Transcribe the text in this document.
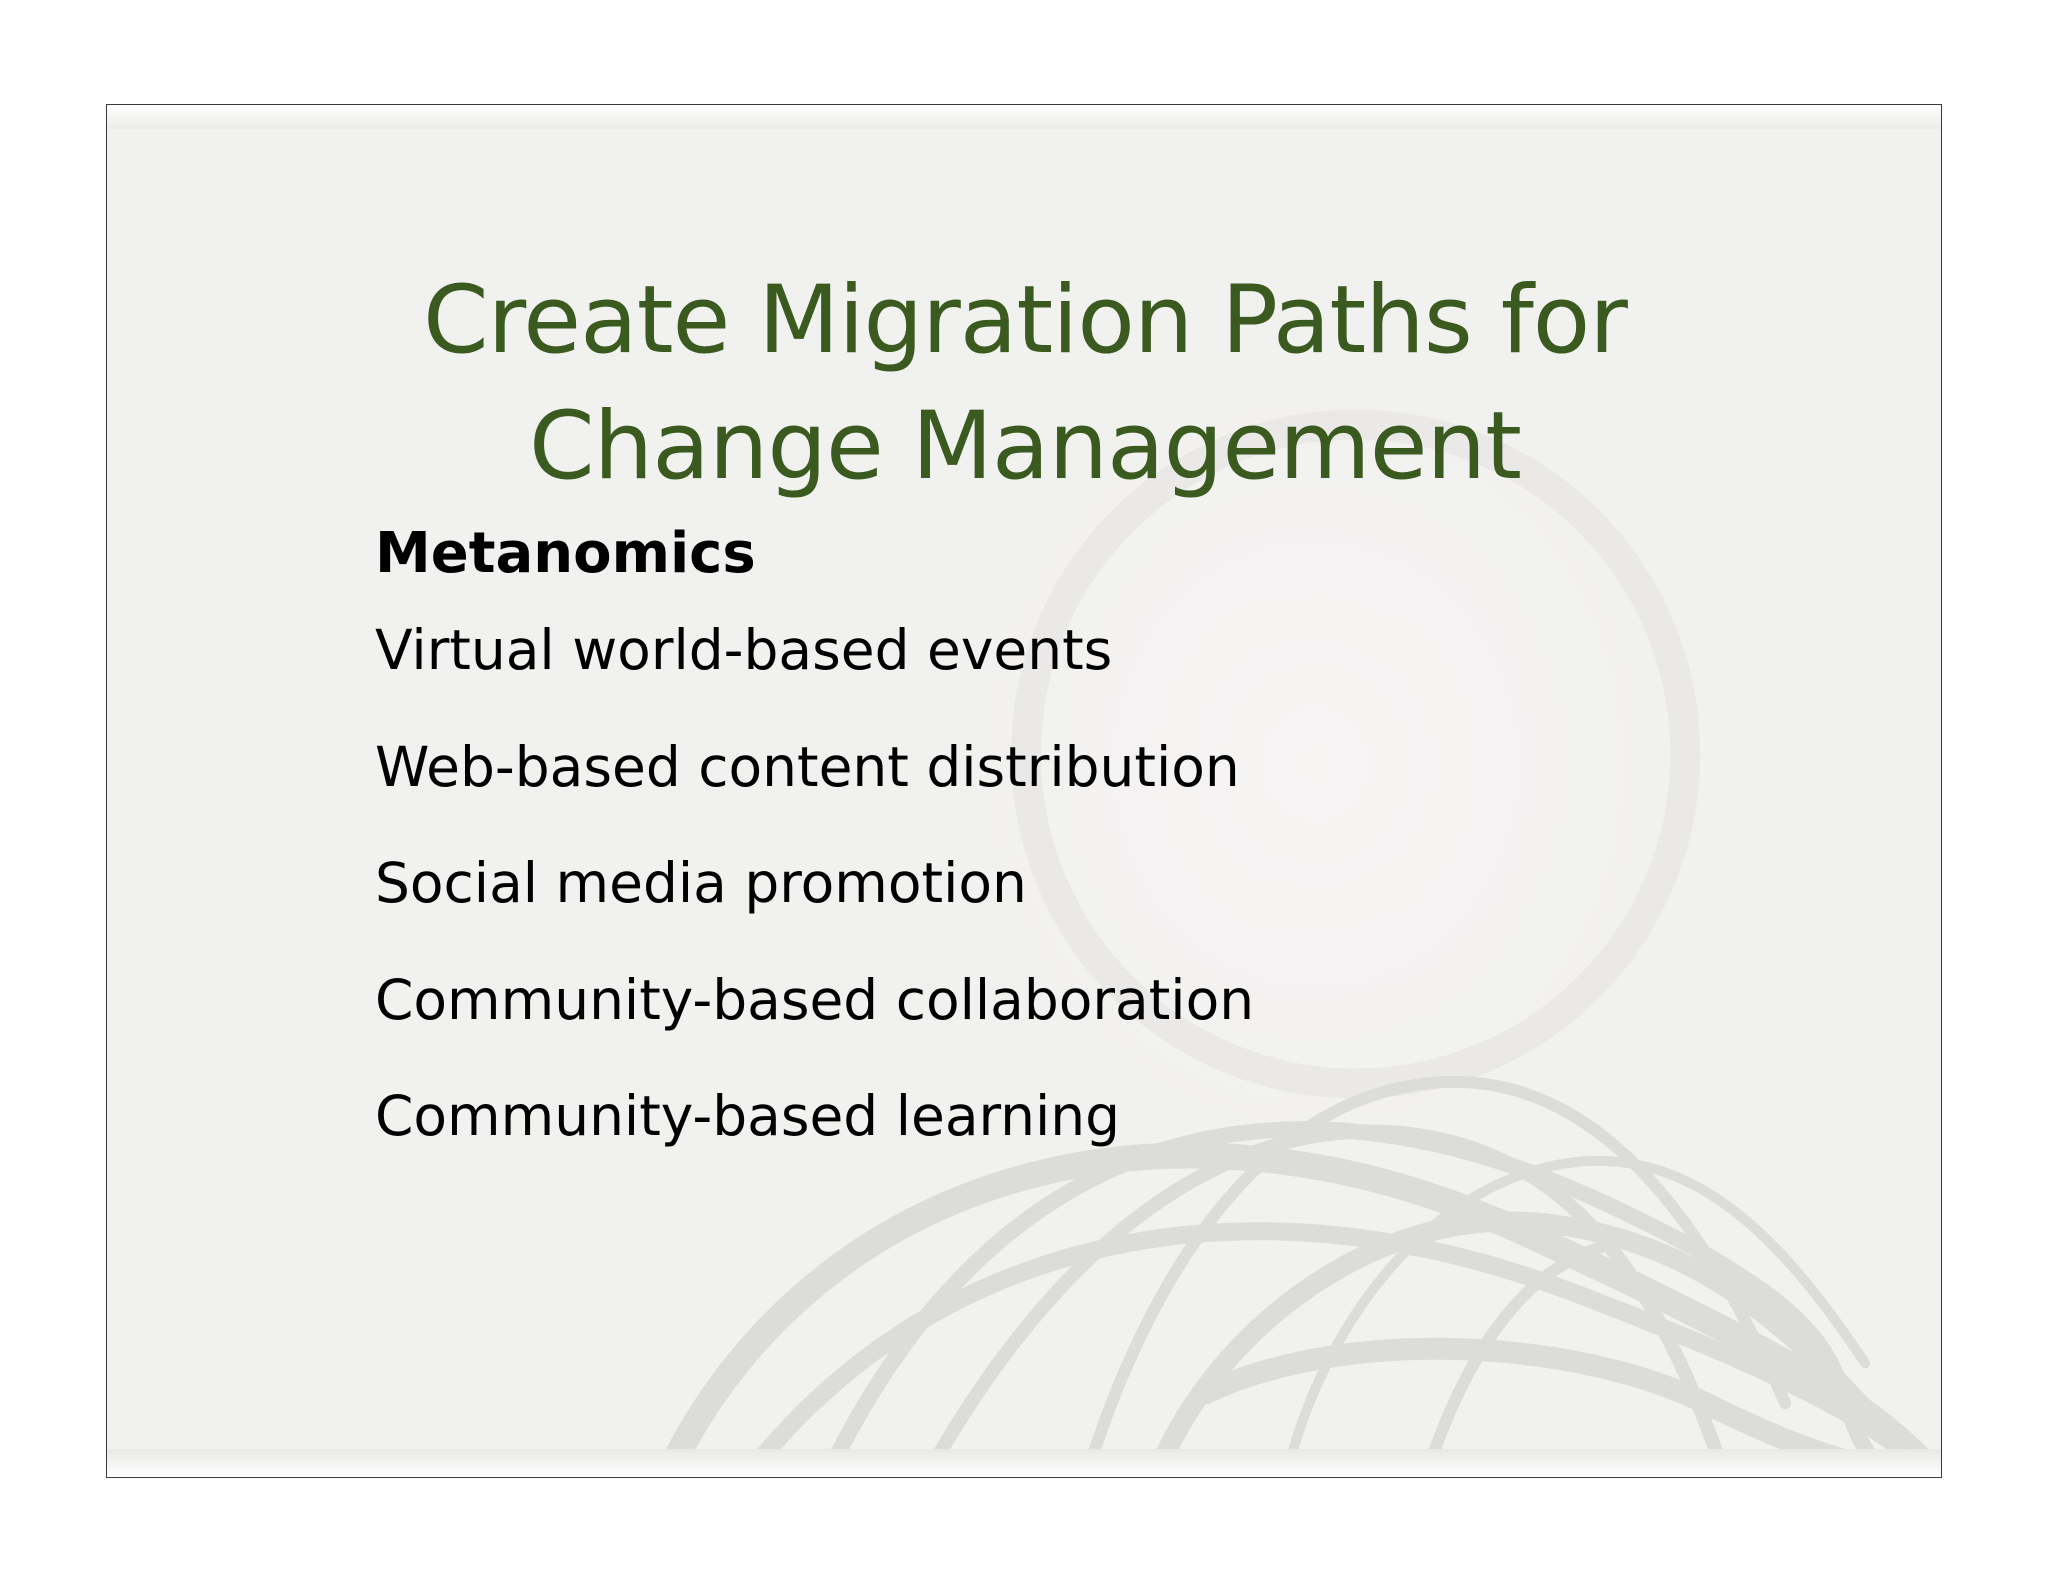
Create Migration Paths for
Change Management
Metanomics
Virtual world-based events
Web-based content distribution
Social media promotion
Community-based collaboration
Community-based learning
